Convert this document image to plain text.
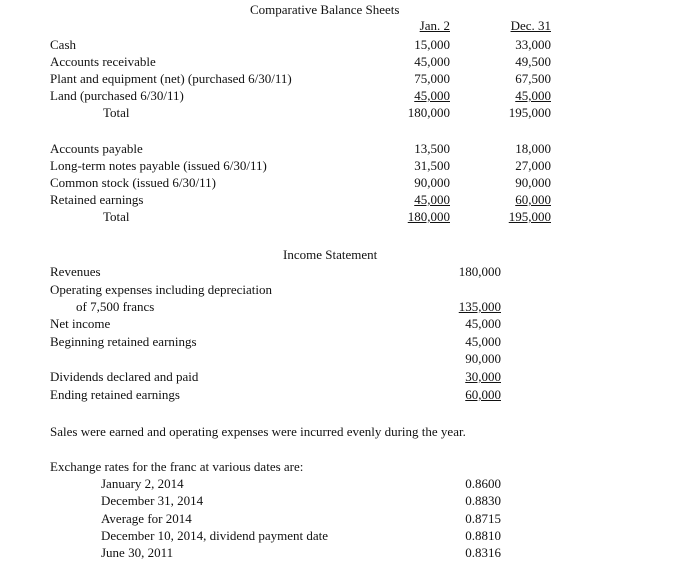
Comparative Balance Sheets
Jan. 2	Dec. 31
Cash	15,000	33,000
Accounts receivable	45,000	49,500
Plant and equipment (net) (purchased 6/30/11)	75,000	67,500
Land (purchased 6/30/11)	45,000	45,000
Total	180,000	195,000
Accounts payable	13,500	18,000
Long-term notes payable (issued 6/30/11)	31,500	27,000
Common stock (issued 6/30/11)	90,000	90,000
Retained earnings	45,000	60,000
Total	180,000	195,000
Income Statement
Revenues	180,000
Operating expenses including depreciation
of 7,500 francs	135,000
Net income	45,000
Beginning retained earnings	45,000
90,000
Dividends declared and paid	30,000
Ending retained earnings	60,000
Sales were earned and operating expenses were incurred evenly during the year.
Exchange rates for the franc at various dates are:
January 2, 2014	0.8600
December 31, 2014	0.8830
Average for 2014	0.8715
December 10, 2014, dividend payment date	0.8810
June 30, 2011	0.8316
